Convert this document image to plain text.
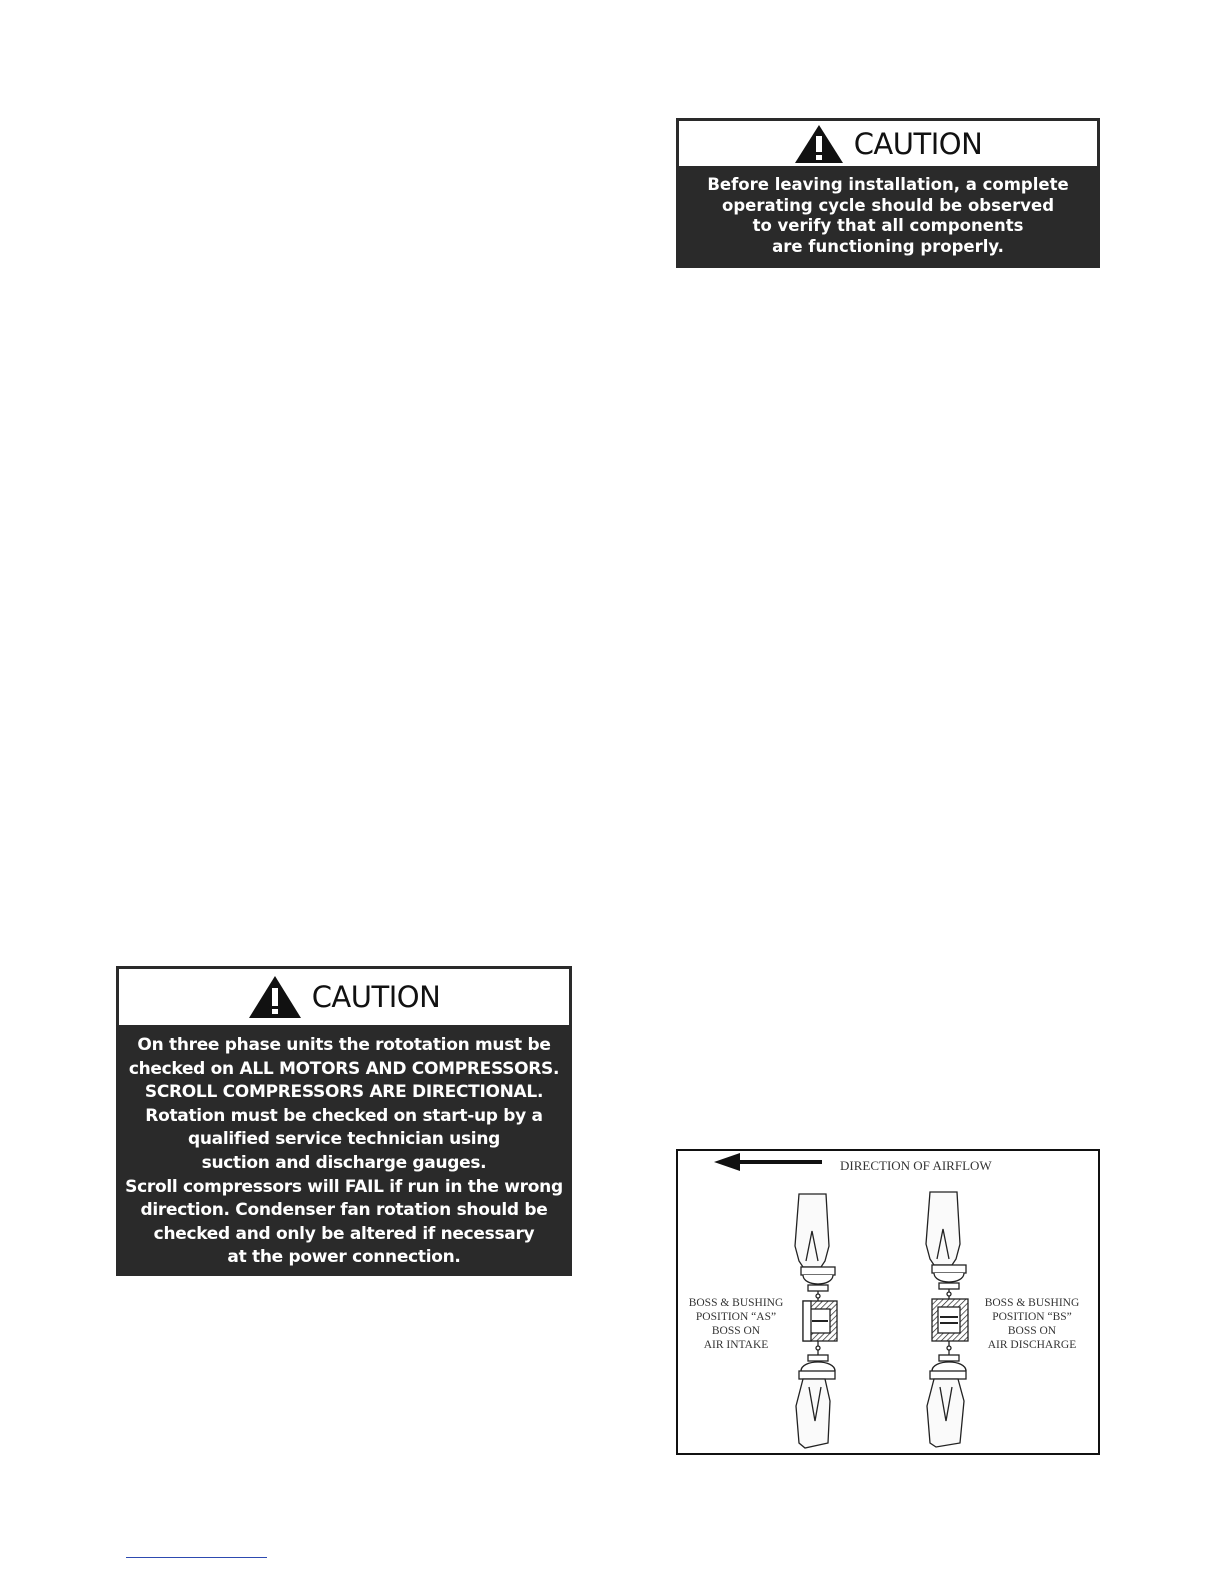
CAUTION
Before leaving installation, a complete
operating cycle should be observed
to verify that all components
are functioning properly.
CAUTION
On three phase units the rototation must be
checked on ALL MOTORS AND COMPRESSORS.
SCROLL COMPRESSORS ARE DIRECTIONAL.
Rotation must be checked on start-up by a
qualified service technician using
suction and discharge gauges.
Scroll compressors will FAIL if run in the wrong
direction. Condenser fan rotation should be
checked and only be altered if necessary
at the power connection.
DIRECTION OF AIRFLOW
BOSS & BUSHING
POSITION “AS”
BOSS ON
AIR INTAKE
BOSS & BUSHING
POSITION “BS”
BOSS ON
AIR DISCHARGE
